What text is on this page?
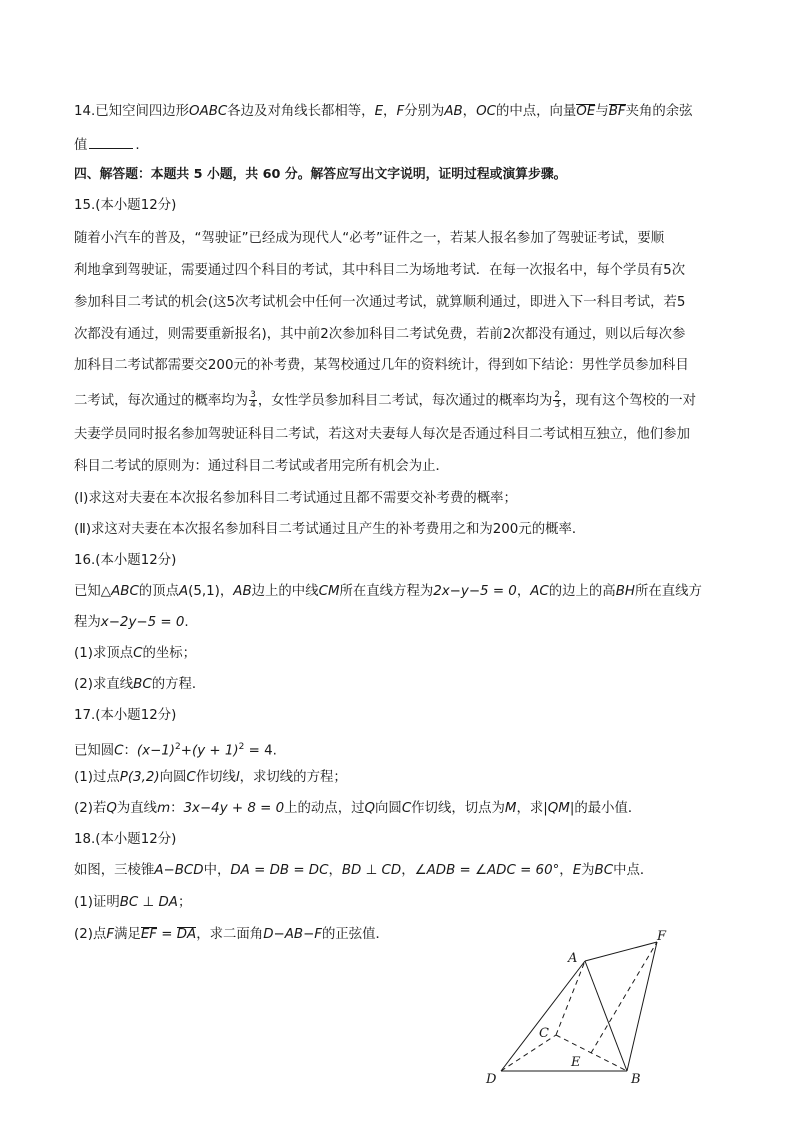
14.已知空间四边形OABC各边及对角线长都相等，E，F分别为AB，OC的中点，向量OE与BF夹角的余弦
值	.
四、解答题：本题共 5 小题，共 60 分。解答应写出文字说明，证明过程或演算步骤。
15.(本小题12分)
随着小汽车的普及，“驾驶证”已经成为现代人“必考”证件之一，若某人报名参加了驾驶证考试，要顺
利地拿到驾驶证，需要通过四个科目的考试，其中科目二为场地考试．在每一次报名中，每个学员有5次
参加科目二考试的机会(这5次考试机会中任何一次通过考试，就算顺利通过，即进入下一科目考试，若5
次都没有通过，则需要重新报名)，其中前2次参加科目二考试免费，若前2次都没有通过，则以后每次参
加科目二考试都需要交200元的补考费，某驾校通过几年的资料统计，得到如下结论：男性学员参加科目
二考试，每次通过的概率均为 $\frac{3}{4}$ ，女性学员参加科目二考试，每次通过的概率均为 $\frac{2}{3}$ ，现有这个驾校的一对
夫妻学员同时报名参加驾驶证科目二考试，若这对夫妻每人每次是否通过科目二考试相互独立，他们参加
科目二考试的原则为：通过科目二考试或者用完所有机会为止．
(Ⅰ)求这对夫妻在本次报名参加科目二考试通过且都不需要交补考费的概率；
(Ⅱ)求这对夫妻在本次报名参加科目二考试通过且产生的补考费用之和为200元的概率．
16.(本小题12分)
已知△ABC的顶点A(5,1)，AB边上的中线CM所在直线方程为2x−y−5 = 0，AC的边上的高BH所在直线方
程为x−2y−5 = 0.
(1)求顶点C的坐标；
(2)求直线BC的方程．
17.(本小题12分)
已知圆C：$(x-1)^2+(y + 1)^2 = 4$.
(1)过点P(3,2)向圆C作切线l，求切线的方程；
(2)若Q为直线m：3x−4y + 8 = 0上的动点，过Q向圆C作切线，切点为M，求|QM|的最小值．
18.(本小题12分)
如图，三棱锥A−BCD中，DA = DB = DC，BD ⊥ CD，∠ADB = ∠ADC = 60°，E为BC中点．
(1)证明BC ⊥ DA；
(2)点F满足EF = DA，求二面角D−AB−F的正弦值．
A
B
C
D
E
F
